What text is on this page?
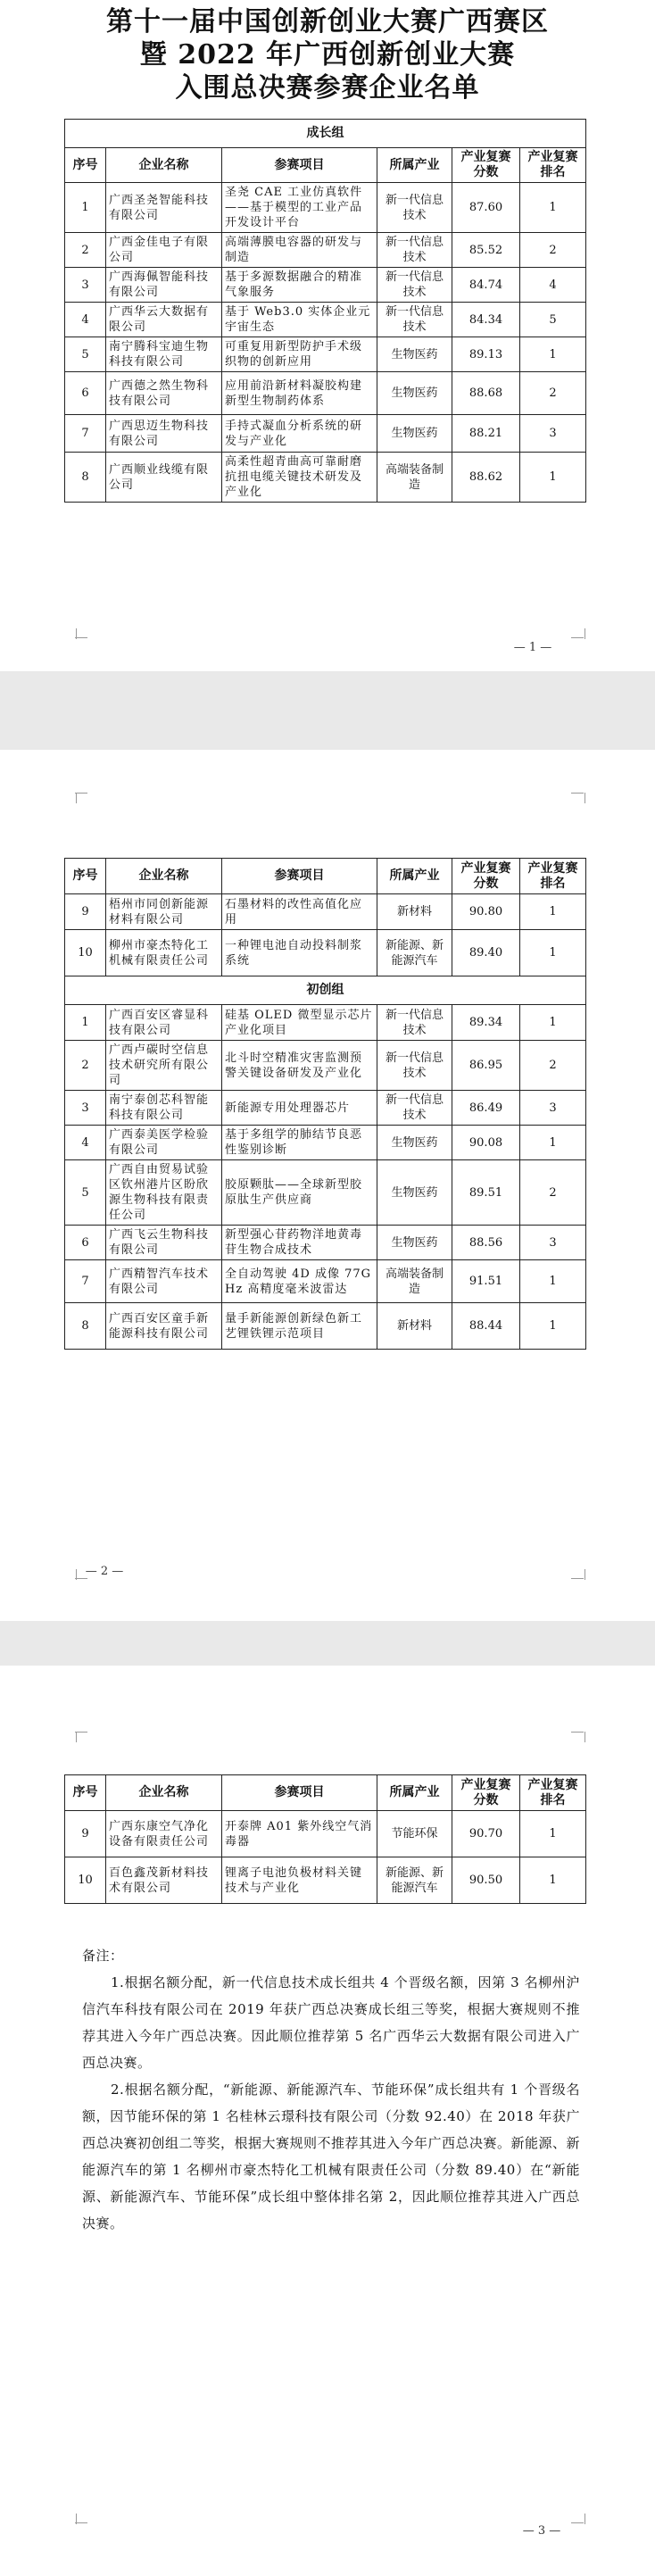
第十一届中国创新创业大赛广西赛区
暨 2022 年广西创新创业大赛
入围总决赛参赛企业名单
成长组					
序号	企业名称	参赛项目	所属产业	产业复赛分数	产业复赛排名
1	广西圣尧智能科技有限公司	圣尧 CAE 工业仿真软件——基于模型的工业产品开发设计平台	新一代信息技术	87.60	1
2	广西金佳电子有限公司	高端薄膜电容器的研发与制造	新一代信息技术	85.52	2
3	广西海佩智能科技有限公司	基于多源数据融合的精准气象服务	新一代信息技术	84.74	4
4	广西华云大数据有限公司	基于 Web3.0 实体企业元宇宙生态	新一代信息技术	84.34	5
5	南宁腾科宝迪生物科技有限公司	可重复用新型防护手术级织物的创新应用	生物医药	89.13	1
6	广西德之然生物科技有限公司	应用前沿新材料凝胶构建新型生物制药体系	生物医药	88.68	2
7	广西思迈生物科技有限公司	手持式凝血分析系统的研发与产业化	生物医药	88.21	3
8	广西顺业线缆有限公司	高柔性超青曲高可靠耐磨抗扭电缆关键技术研发及产业化	高端装备制造	88.62	1
— 1 —
序号	企业名称	参赛项目	所属产业	产业复赛分数	产业复赛排名
9	梧州市同创新能源材料有限公司	石墨材料的改性高值化应用	新材料	90.80	1
10	柳州市豪杰特化工机械有限责任公司	一种锂电池自动投料制浆系统	新能源、新能源汽车	89.40	1
初创组					
1	广西百安区睿显科技有限公司	硅基 OLED 微型显示芯片产业化项目	新一代信息技术	89.34	1
2	广西卢碳时空信息技术研究所有限公司	北斗时空精准灾害监测预警关键设备研发及产业化	新一代信息技术	86.95	2
3	南宁泰创芯科智能科技有限公司	新能源专用处理器芯片	新一代信息技术	86.49	3
4	广西泰美医学检验有限公司	基于多组学的肺结节良恶性鉴别诊断	生物医药	90.08	1
5	广西自由贸易试验区钦州港片区盼欣源生物科技有限责任公司	胶原颗肽——全球新型胶原肽生产供应商	生物医药	89.51	2
6	广西飞云生物科技有限公司	新型强心苷药物洋地黄毒苷生物合成技术	生物医药	88.56	3
7	广西精智汽车技术有限公司	全自动驾驶 4D 成像 77GHz 高精度毫米波雷达	高端装备制造	91.51	1
8	广西百安区童手新能源科技有限公司	量手新能源创新绿色新工艺锂铁锂示范项目	新材料	88.44	1
— 2 —
序号	企业名称	参赛项目	所属产业	产业复赛分数	产业复赛排名
9	广西东康空气净化设备有限责任公司	开泰牌 A01 紫外线空气消毒器	节能环保	90.70	1
10	百色鑫茂新材料技术有限公司	锂离子电池负极材料关键技术与产业化	新能源、新能源汽车	90.50	1

备注：

1.根据名额分配，新一代信息技术成长组共 4 个晋级名额，因第 3 名柳州沪信汽车科技有限公司在 2019 年获广西总决赛成长组三等奖，根据大赛规则不推荐其进入今年广西总决赛。因此顺位推荐第 5 名广西华云大数据有限公司进入广西总决赛。

2.根据名额分配，“新能源、新能源汽车、节能环保”成长组共有 1 个晋级名额，因节能环保的第 1 名桂林云璟科技有限公司（分数 92.40）在 2018 年获广西总决赛初创组二等奖，根据大赛规则不推荐其进入今年广西总决赛。新能源、新能源汽车的第 1 名柳州市豪杰特化工机械有限责任公司（分数 89.40）在“新能源、新能源汽车、节能环保”成长组中整体排名第 2，因此顺位推荐其进入广西总决赛。

— 3 —
